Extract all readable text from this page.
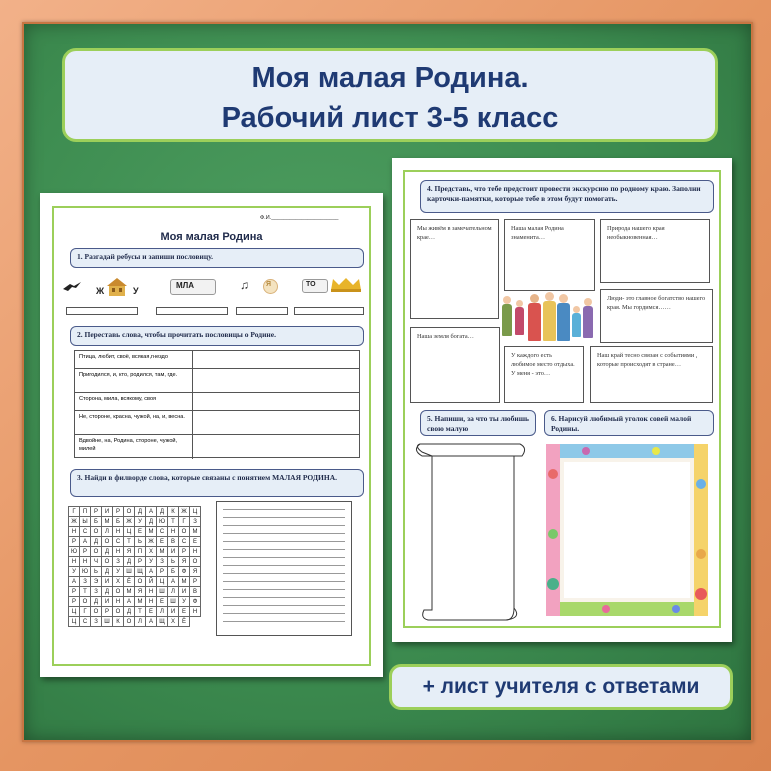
Моя малая Родина.
Рабочий лист 3-5 класс
Ф.И.______________________
Моя малая Родина
1. Разгадай ребусы и запиши пословицу.
Ж	У
МЛА	♫ Я	ТО
2. Переставь слова, чтобы прочитать пословицы о Родине.
Птица, любит, своё, всякая,гнездо
Пригодился, и, кто, родился, там, где.
Сторона, мила, всякому, своя
Не, стороне, красна, чужой, на, и, весна.
Вдвойне, на, Родина, стороне, чужой, милей
3. Найди в филворде слова, которые связаны с понятием МАЛАЯ РОДИНА.
Г	П	Р	И	Р	О	Д	А	Д	К	Ж	Ц
Ж	Ы	Б	М	Б	Ж	У	Д	Ю	Т	Г	З
Н	С	О	Л	Н	Ц	Е	М	С	Н	О	М
Р	А	Д	О	С	Т	Ь	Ж	Е	В	С	Е
Ю	Р	О	Д	Н	Я	П	Х	М	И	Р	Н
Н	Н	Ч	О	З	Д	Р	У	З	Ь	Я	О
У	Ю	Ь	Д	У	Ш	Щ	А	Р	Б	Ф	Я
А	З	Э	И	Х	Ё	О	Й	Ц	А	М	Р
Р	Т	З	Д	О	М	Я	Н	Ш	Л	И	В
Р	О	Д	И	Н	А	М	Н	Е	Ш	У	Ф
Ц	Г	О	Р	О	Д	Т	Е	Л	И	Е	Н
Ц	С	З	Ш	К	О	Л	А	Щ	Х	Ё	
4. Представь, что тебе предстоит провести экскурсию по родному краю. Заполни карточки-памятки, которые тебе в этом будут помогать.
Мы живём в замечательном крае…
Наша малая Родина знаменита…
Природа нашего края необыкновенная…
Люди- это главное богатство нашего края. Мы гордимся……
Наша земля богата…
У каждого есть любимое место отдыха. У меня - это…
Наш край тесно связан с событиями , которые происходят в стране…
5. Напиши, за что ты любишь свою малую
6. Нарисуй любимый уголок совей малой Родины.
+ лист учителя с ответами
